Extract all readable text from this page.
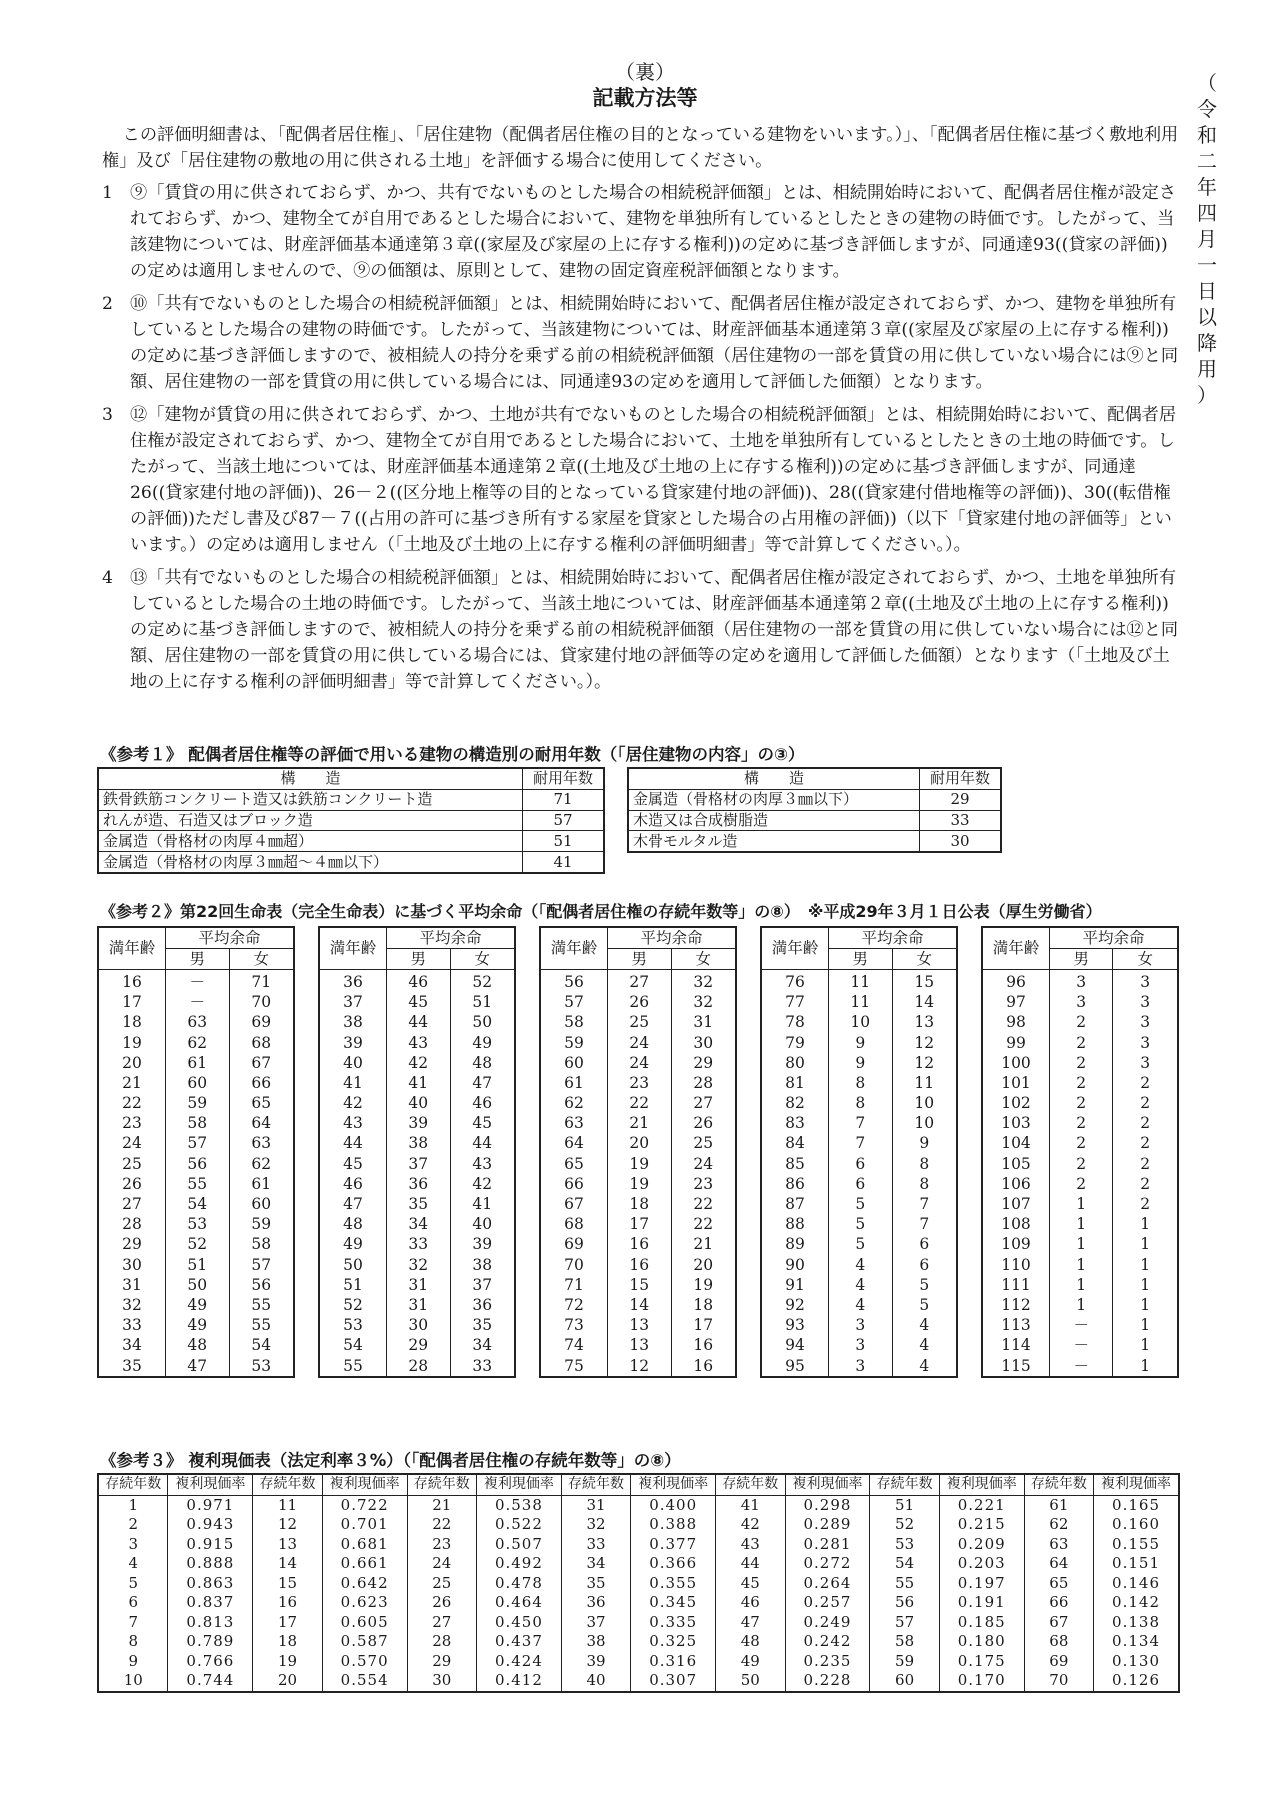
（
令
和
二
年
四
月
一
日
以
降
用
）
（裏）
記載方法等

この評価明細書は、「配偶者居住権」、「居住建物（配偶者居住権の目的となっている建物をいいます。）」、「配偶者居住権に基づく敷地利用権」及び「居住建物の敷地の用に供される土地」を評価する場合に使用してください。

1 ⑨「賃貸の用に供されておらず、かつ、共有でないものとした場合の相続税評価額」とは、相続開始時において、配偶者居住権が設定されておらず、かつ、建物全てが自用であるとした場合において、建物を単独所有しているとしたときの建物の時価です。したがって、当該建物については、財産評価基本通達第３章((家屋及び家屋の上に存する権利))の定めに基づき評価しますが、同通達93((貸家の評価))の定めは適用しませんので、⑨の価額は、原則として、建物の固定資産税評価額となります。
2 ⑩「共有でないものとした場合の相続税評価額」とは、相続開始時において、配偶者居住権が設定されておらず、かつ、建物を単独所有しているとした場合の建物の時価です。したがって、当該建物については、財産評価基本通達第３章((家屋及び家屋の上に存する権利))の定めに基づき評価しますので、被相続人の持分を乗ずる前の相続税評価額（居住建物の一部を賃貸の用に供していない場合には⑨と同額、居住建物の一部を賃貸の用に供している場合には、同通達93の定めを適用して評価した価額）となります。
3 ⑫「建物が賃貸の用に供されておらず、かつ、土地が共有でないものとした場合の相続税評価額」とは、相続開始時において、配偶者居住権が設定されておらず、かつ、建物全てが自用であるとした場合において、土地を単独所有しているとしたときの土地の時価です。したがって、当該土地については、財産評価基本通達第２章((土地及び土地の上に存する権利))の定めに基づき評価しますが、同通達26((貸家建付地の評価))、26－２((区分地上権等の目的となっている貸家建付地の評価))、28((貸家建付借地権等の評価))、30((転借権の評価))ただし書及び87－７((占用の許可に基づき所有する家屋を貸家とした場合の占用権の評価))（以下「貸家建付地の評価等」といいます。）の定めは適用しません（「土地及び土地の上に存する権利の評価明細書」等で計算してください。）。
4 ⑬「共有でないものとした場合の相続税評価額」とは、相続開始時において、配偶者居住権が設定されておらず、かつ、土地を単独所有しているとした場合の土地の時価です。したがって、当該土地については、財産評価基本通達第２章((土地及び土地の上に存する権利))の定めに基づき評価しますので、被相続人の持分を乗ずる前の相続税評価額（居住建物の一部を賃貸の用に供していない場合には⑫と同額、居住建物の一部を賃貸の用に供している場合には、貸家建付地の評価等の定めを適用して評価した価額）となります（「土地及び土地の上に存する権利の評価明細書」等で計算してください。）。
《参考１》 配偶者居住権等の評価で用いる建物の構造別の耐用年数（「居住建物の内容」の③）
構　　造	耐用年数
鉄骨鉄筋コンクリート造又は鉄筋コンクリート造	71
れんが造、石造又はブロック造	57
金属造（骨格材の肉厚４㎜超）	51
金属造（骨格材の肉厚３㎜超～４㎜以下）	41
構　　造	耐用年数
金属造（骨格材の肉厚３㎜以下）	29
木造又は合成樹脂造	33
木骨モルタル造	30
《参考２》第22回生命表（完全生命表）に基づく平均余命（「配偶者居住権の存続年数等」の⑧）　※平成29年３月１日公表（厚生労働省）
満年齢	平均余命	
	男	女
16	－	71
17	－	70
18	63	69
19	62	68
20	61	67
21	60	66
22	59	65
23	58	64
24	57	63
25	56	62
26	55	61
27	54	60
28	53	59
29	52	58
30	51	57
31	50	56
32	49	55
33	49	55
34	48	54
35	47	53
満年齢	平均余命	
	男	女
36	46	52
37	45	51
38	44	50
39	43	49
40	42	48
41	41	47
42	40	46
43	39	45
44	38	44
45	37	43
46	36	42
47	35	41
48	34	40
49	33	39
50	32	38
51	31	37
52	31	36
53	30	35
54	29	34
55	28	33
満年齢	平均余命	
	男	女
56	27	32
57	26	32
58	25	31
59	24	30
60	24	29
61	23	28
62	22	27
63	21	26
64	20	25
65	19	24
66	19	23
67	18	22
68	17	22
69	16	21
70	16	20
71	15	19
72	14	18
73	13	17
74	13	16
75	12	16
満年齢	平均余命	
	男	女
76	11	15
77	11	14
78	10	13
79	9	12
80	9	12
81	8	11
82	8	10
83	7	10
84	7	9
85	6	8
86	6	8
87	5	7
88	5	7
89	5	6
90	4	6
91	4	5
92	4	5
93	3	4
94	3	4
95	3	4
満年齢	平均余命	
	男	女
96	3	3
97	3	3
98	2	3
99	2	3
100	2	3
101	2	2
102	2	2
103	2	2
104	2	2
105	2	2
106	2	2
107	1	2
108	1	1
109	1	1
110	1	1
111	1	1
112	1	1
113	－	1
114	－	1
115	－	1
《参考３》 複利現価表（法定利率３%）（「配偶者居住権の存続年数等」の⑧）
存続年数	複利現価率	存続年数	複利現価率	存続年数	複利現価率	存続年数	複利現価率	存続年数	複利現価率	存続年数	複利現価率	存続年数	複利現価率
1	0.971	11	0.722	21	0.538	31	0.400	41	0.298	51	0.221	61	0.165
2	0.943	12	0.701	22	0.522	32	0.388	42	0.289	52	0.215	62	0.160
3	0.915	13	0.681	23	0.507	33	0.377	43	0.281	53	0.209	63	0.155
4	0.888	14	0.661	24	0.492	34	0.366	44	0.272	54	0.203	64	0.151
5	0.863	15	0.642	25	0.478	35	0.355	45	0.264	55	0.197	65	0.146
6	0.837	16	0.623	26	0.464	36	0.345	46	0.257	56	0.191	66	0.142
7	0.813	17	0.605	27	0.450	37	0.335	47	0.249	57	0.185	67	0.138
8	0.789	18	0.587	28	0.437	38	0.325	48	0.242	58	0.180	68	0.134
9	0.766	19	0.570	29	0.424	39	0.316	49	0.235	59	0.175	69	0.130
10	0.744	20	0.554	30	0.412	40	0.307	50	0.228	60	0.170	70	0.126
